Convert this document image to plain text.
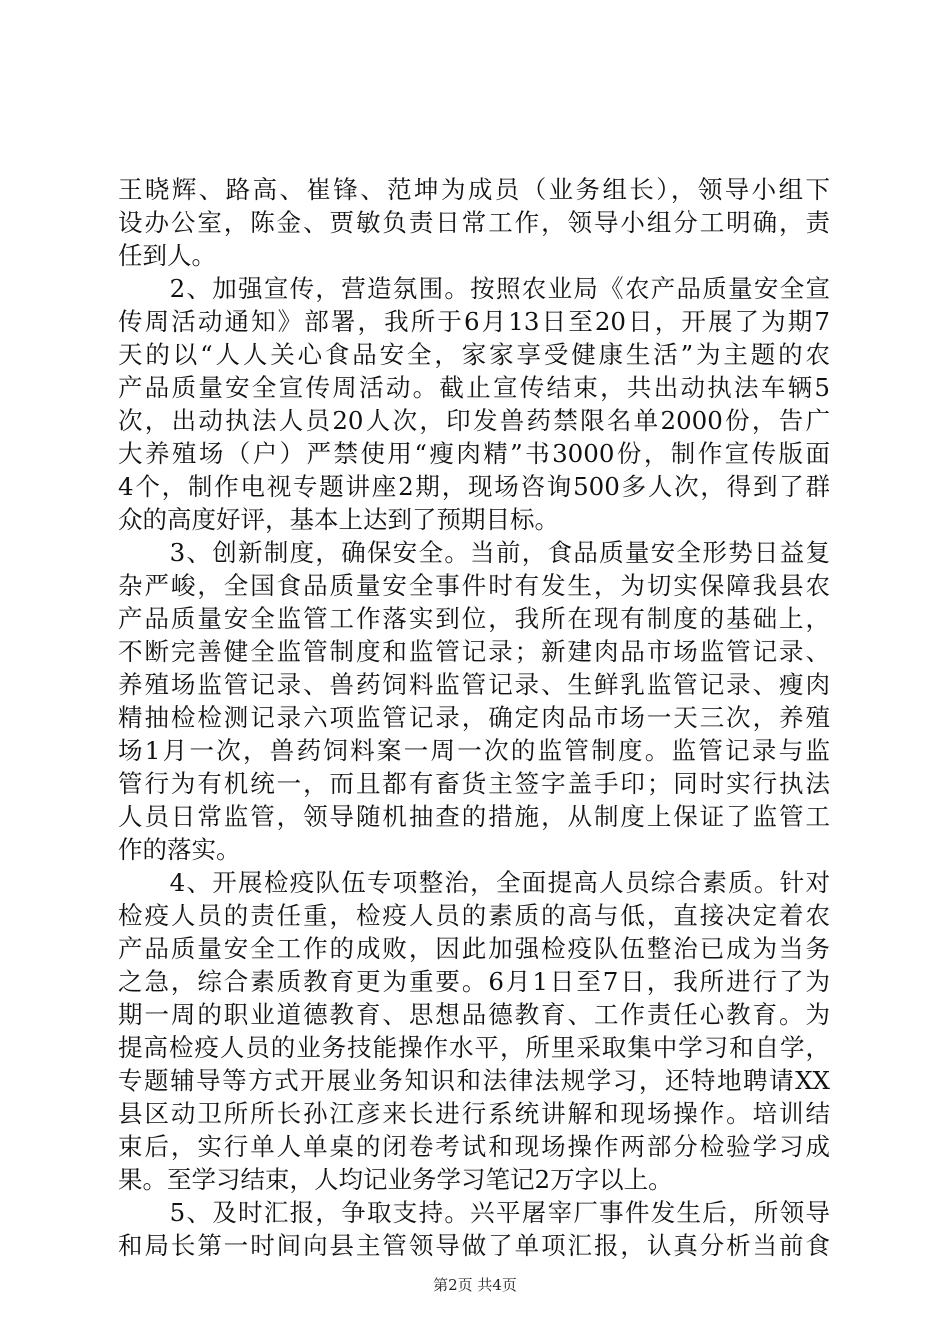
王晓辉、路高、崔锋、范坤为成员（业务组长），领导小组下
设办公室，陈金、贾敏负责日常工作，领导小组分工明确，责
任到人。
　　2、加强宣传，营造氛围。按照农业局《农产品质量安全宣
传周活动通知》部署，我所于6月13日至20日，开展了为期7
天的以“人人关心食品安全，家家享受健康生活”为主题的农
产品质量安全宣传周活动。截止宣传结束，共出动执法车辆5
次，出动执法人员20人次，印发兽药禁限名单2000份，告广
大养殖场（户）严禁使用“瘦肉精”书3000份，制作宣传版面
4个，制作电视专题讲座2期，现场咨询500多人次，得到了群
众的高度好评，基本上达到了预期目标。
　　3、创新制度，确保安全。当前，食品质量安全形势日益复
杂严峻，全国食品质量安全事件时有发生，为切实保障我县农
产品质量安全监管工作落实到位，我所在现有制度的基础上，
不断完善健全监管制度和监管记录；新建肉品市场监管记录、
养殖场监管记录、兽药饲料监管记录、生鲜乳监管记录、瘦肉
精抽检检测记录六项监管记录，确定肉品市场一天三次，养殖
场1月一次，兽药饲料案一周一次的监管制度。监管记录与监
管行为有机统一，而且都有畜货主签字盖手印；同时实行执法
人员日常监管，领导随机抽查的措施，从制度上保证了监管工
作的落实。
　　4、开展检疫队伍专项整治，全面提高人员综合素质。针对
检疫人员的责任重，检疫人员的素质的高与低，直接决定着农
产品质量安全工作的成败，因此加强检疫队伍整治已成为当务
之急，综合素质教育更为重要。6月1日至7日，我所进行了为
期一周的职业道德教育、思想品德教育、工作责任心教育。为
提高检疫人员的业务技能操作水平，所里采取集中学习和自学，
专题辅导等方式开展业务知识和法律法规学习，还特地聘请XX
县区动卫所所长孙江彦来长进行系统讲解和现场操作。培训结
束后，实行单人单桌的闭卷考试和现场操作两部分检验学习成
果。至学习结束，人均记业务学习笔记2万字以上。
　　5、及时汇报，争取支持。兴平屠宰厂事件发生后，所领导
和局长第一时间向县主管领导做了单项汇报，认真分析当前食
第2页 共4页
